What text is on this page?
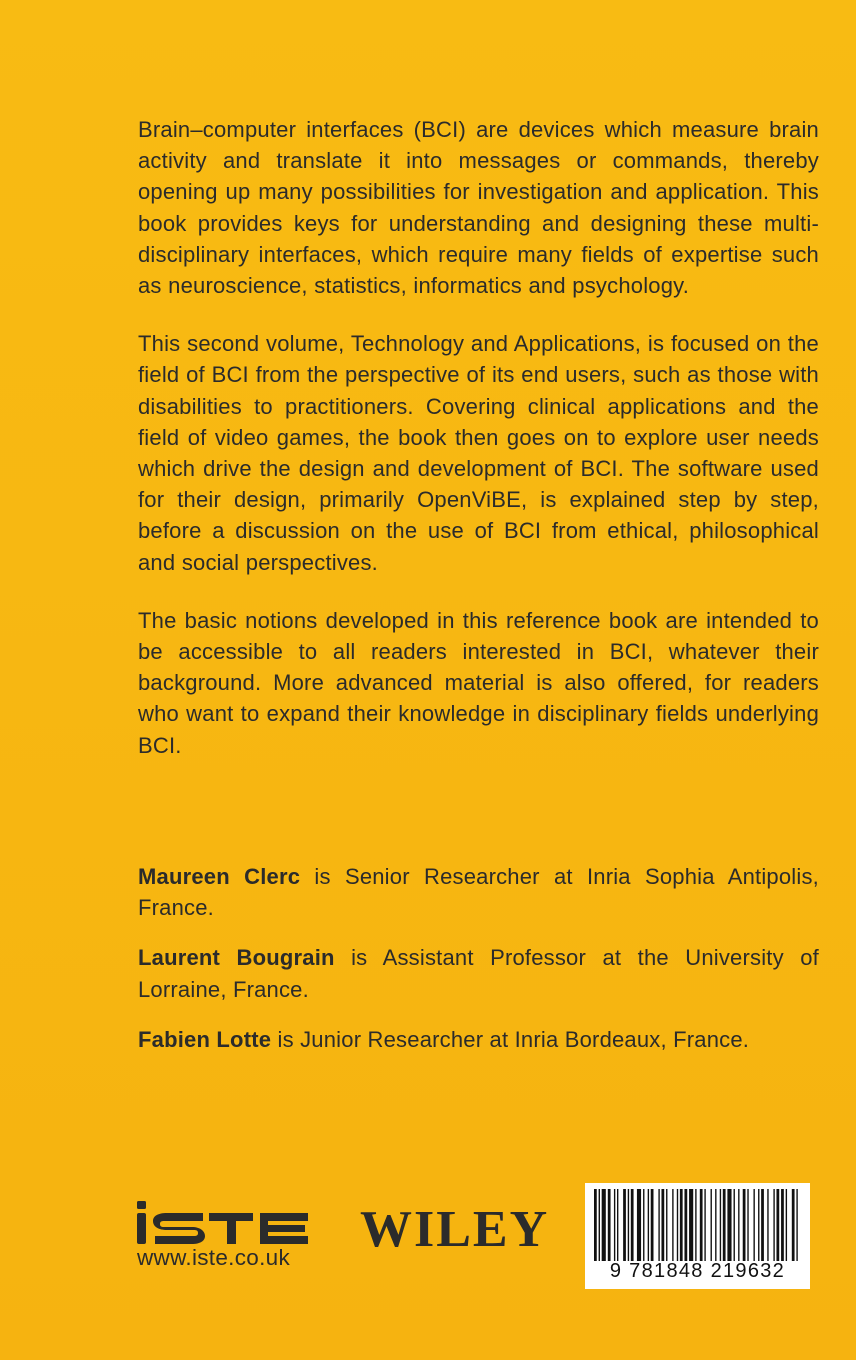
Brain–computer interfaces (BCI) are devices which measure brain activity and translate it into messages or commands, thereby opening up many possibilities for investigation and application. This book provides keys for understanding and designing these multi-disciplinary interfaces, which require many fields of expertise such as neuroscience, statistics, informatics and psychology.

This second volume, Technology and Applications, is focused on the field of BCI from the perspective of its end users, such as those with disabilities to practitioners. Covering clinical applications and the field of video games, the book then goes on to explore user needs which drive the design and development of BCI. The software used for their design, primarily OpenViBE, is explained step by step, before a discussion on the use of BCI from ethical, philosophical and social perspectives.

The basic notions developed in this reference book are intended to be accessible to all readers interested in BCI, whatever their background. More advanced material is also offered, for readers who want to expand their knowledge in disciplinary fields underlying BCI.

Maureen Clerc is Senior Researcher at Inria Sophia Antipolis, France.

Laurent Bougrain is Assistant Professor at the University of Lorraine, France.

Fabien Lotte is Junior Researcher at Inria Bordeaux, France.

www.iste.co.uk WILEY
9 781848 219632
